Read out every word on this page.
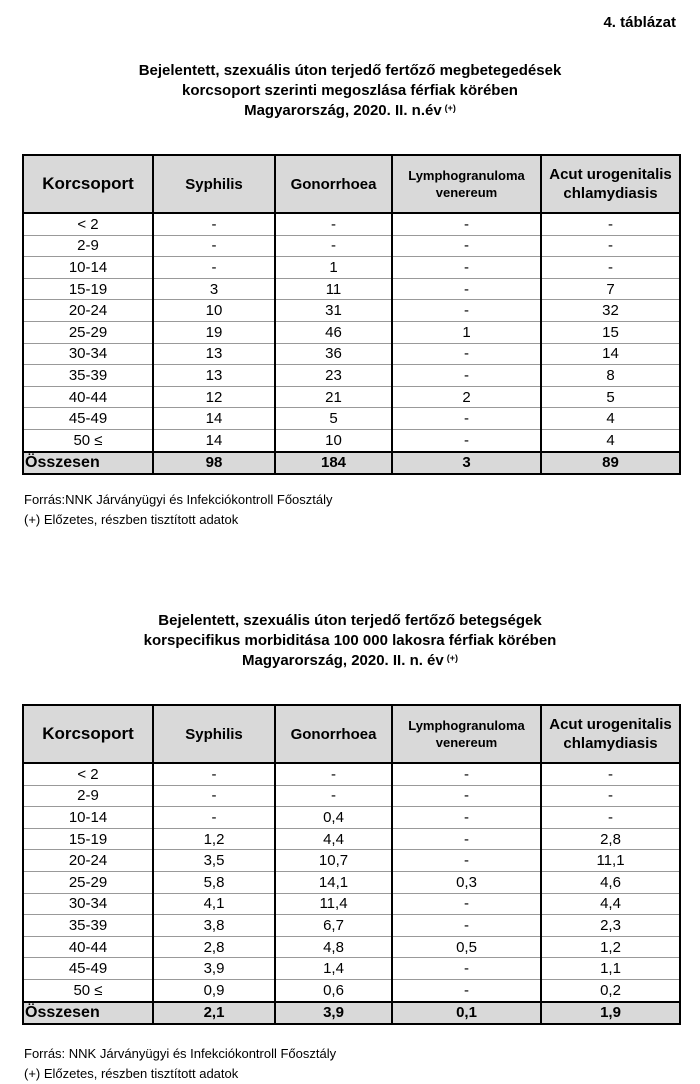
4. táblázat
Bejelentett, szexuális úton terjedő fertőző megbetegedések
korcsoport szerinti megoszlása férfiak körében
Magyarország, 2020. II. n.év (+)
Korcsoport	Syphilis	Gonorrhoea	Lymphogranuloma venereum	Acut urogenitalis chlamydiasis
< 2	-	-	-	-
2-9	-	-	-	-
10-14	-	1	-	-
15-19	3	11	-	7
20-24	10	31	-	32
25-29	19	46	1	15
30-34	13	36	-	14
35-39	13	23	-	8
40-44	12	21	2	5
45-49	14	5	-	4
50 ≤	14	10	-	4
Összesen	98	184	3	89
Forrás:NNK Járványügyi és Infekciókontroll Főosztály
(+) Előzetes, részben tisztított adatok
Bejelentett, szexuális úton terjedő fertőző betegségek
korspecifikus morbiditása 100 000 lakosra férfiak körében
Magyarország, 2020. II. n. év (+)
Korcsoport	Syphilis	Gonorrhoea	Lymphogranuloma venereum	Acut urogenitalis chlamydiasis
< 2	-	-	-	-
2-9	-	-	-	-
10-14	-	0,4	-	-
15-19	1,2	4,4	-	2,8
20-24	3,5	10,7	-	11,1
25-29	5,8	14,1	0,3	4,6
30-34	4,1	11,4	-	4,4
35-39	3,8	6,7	-	2,3
40-44	2,8	4,8	0,5	1,2
45-49	3,9	1,4	-	1,1
50 ≤	0,9	0,6	-	0,2
Összesen	2,1	3,9	0,1	1,9
Forrás: NNK Járványügyi és Infekciókontroll Főosztály
(+) Előzetes, részben tisztított adatok
